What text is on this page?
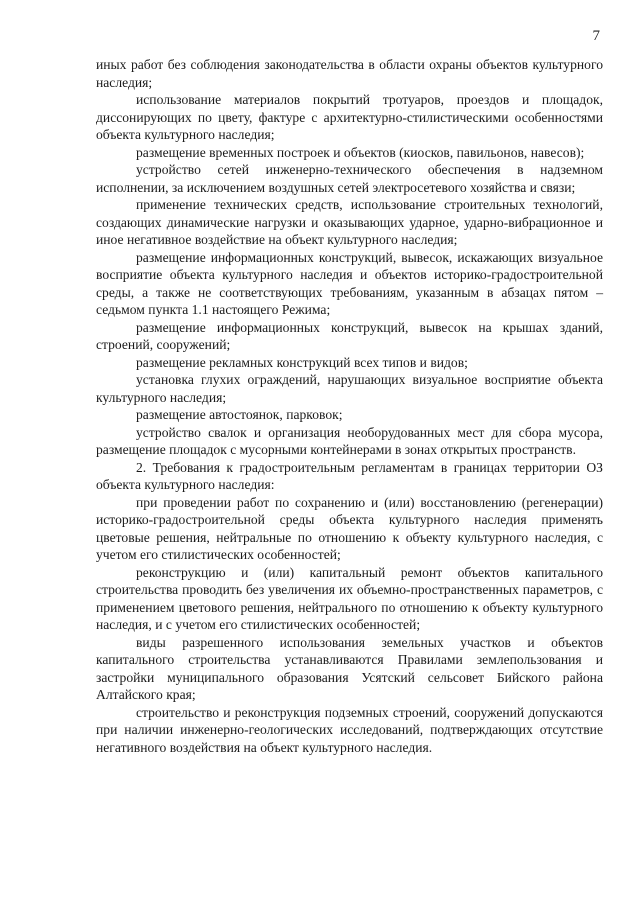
7

иных работ без соблюдения законодательства в области охраны объектов культурного наследия;

использование материалов покрытий тротуаров, проездов и площадок, диссонирующих по цвету, фактуре с архитектурно-стилистическими особенностями объекта культурного наследия;

размещение временных построек и объектов (киосков, павильонов, навесов);

устройство сетей инженерно-технического обеспечения в надземном исполнении, за исключением воздушных сетей электросетевого хозяйства и связи;

применение технических средств, использование строительных технологий, создающих динамические нагрузки и оказывающих ударное, ударно-вибрационное и иное негативное воздействие на объект культурного наследия;

размещение информационных конструкций, вывесок, искажающих визуальное восприятие объекта культурного наследия и объектов историко-градостроительной среды, а также не соответствующих требованиям, указанным в абзацах пятом – седьмом пункта 1.1 настоящего Режима;

размещение информационных конструкций, вывесок на крышах зданий, строений, сооружений;

размещение рекламных конструкций всех типов и видов;

установка глухих ограждений, нарушающих визуальное восприятие объекта культурного наследия;

размещение автостоянок, парковок;

устройство свалок и организация необорудованных мест для сбора мусора, размещение площадок с мусорными контейнерами в зонах открытых пространств.

2. Требования к градостроительным регламентам в границах территории ОЗ объекта культурного наследия:

при проведении работ по сохранению и (или) восстановлению (регенерации) историко-градостроительной среды объекта культурного наследия применять цветовые решения, нейтральные по отношению к объекту культурного наследия, с учетом его стилистических особенностей;

реконструкцию и (или) капитальный ремонт объектов капитального строительства проводить без увеличения их объемно-пространственных параметров, с применением цветового решения, нейтрального по отношению к объекту культурного наследия, и с учетом его стилистических особенностей;

виды разрешенного использования земельных участков и объектов капитального строительства устанавливаются Правилами землепользования и застройки муниципального образования Усятский сельсовет Бийского района Алтайского края;

строительство и реконструкция подземных строений, сооружений допускаются при наличии инженерно-геологических исследований, подтверждающих отсутствие негативного воздействия на объект культурного наследия.
